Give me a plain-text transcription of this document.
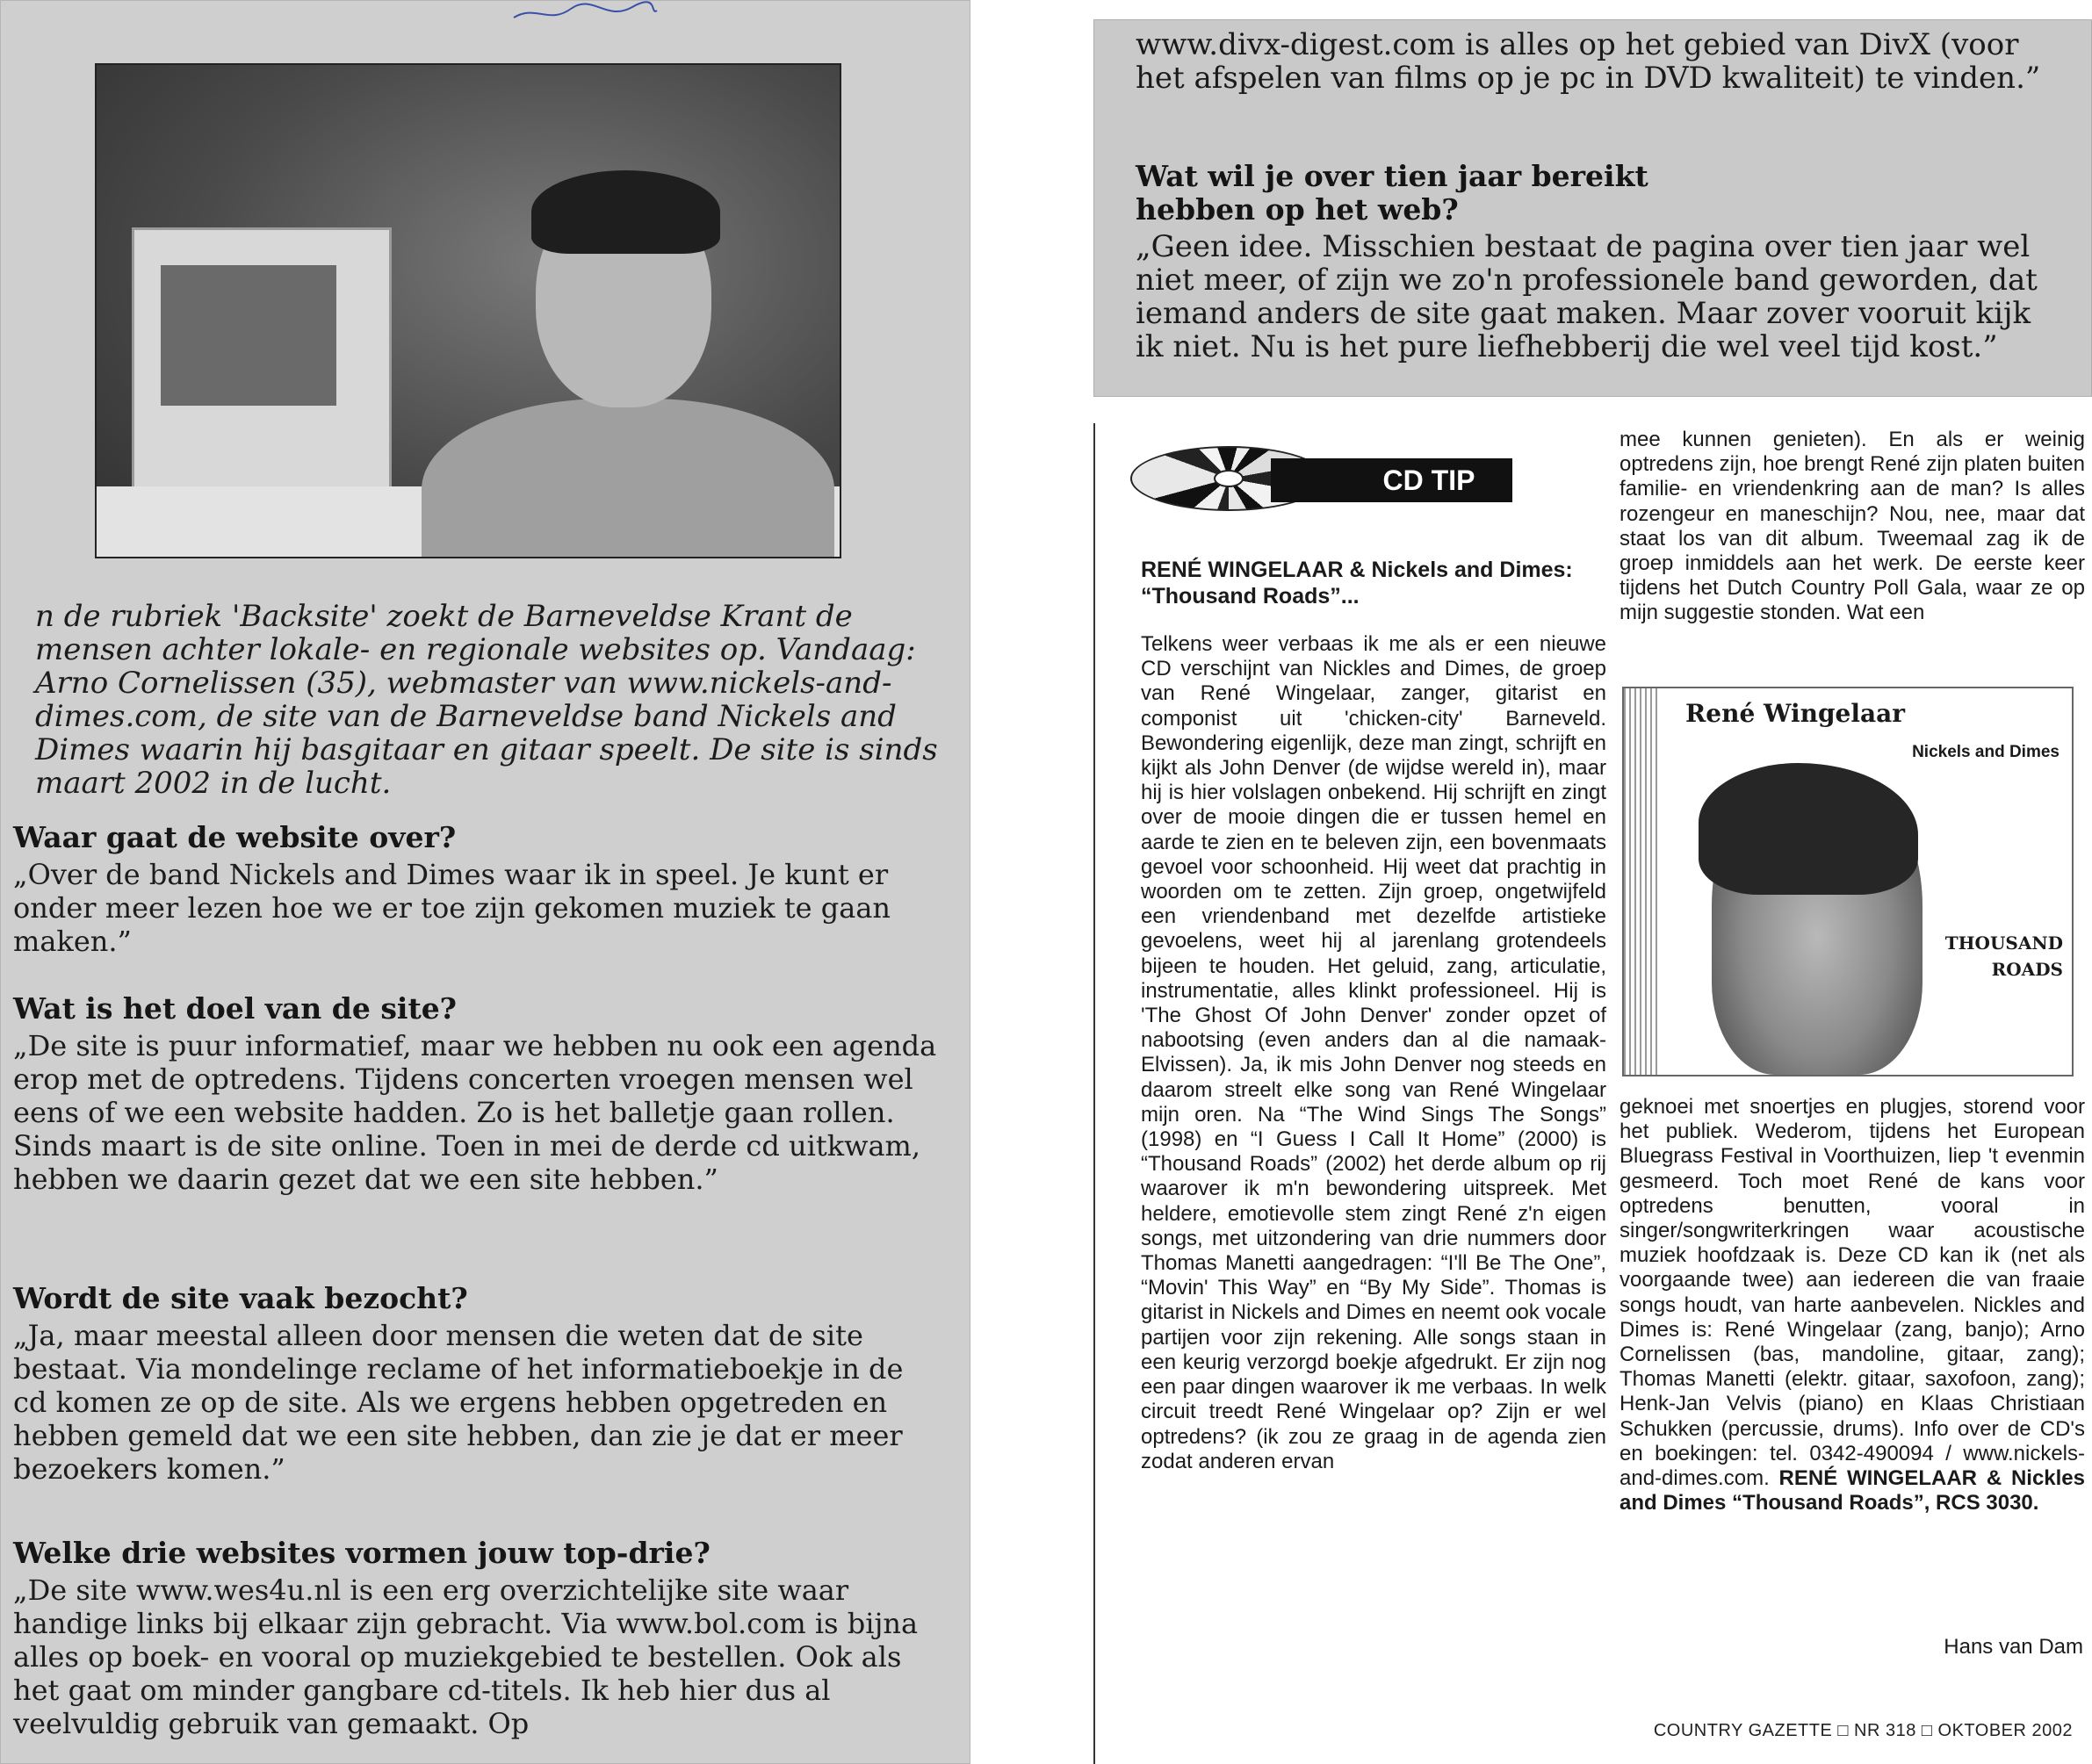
n de rubriek 'Backsite' zoekt de Barneveldse Krant de mensen achter lokale- en regionale websites op. Vandaag: Arno Cornelissen (35), webmaster van www.nickels-and-dimes.com, de site van de Barneveldse band Nickels and Dimes waarin hij basgitaar en gitaar speelt. De site is sinds maart 2002 in de lucht.

Waar gaat de website over?

„Over de band Nickels and Dimes waar ik in speel. Je kunt er onder meer lezen hoe we er toe zijn gekomen muziek te gaan maken.”

Wat is het doel van de site?

„De site is puur informatief, maar we hebben nu ook een agenda erop met de optredens. Tijdens concerten vroegen mensen wel eens of we een website hadden. Zo is het balletje gaan rollen. Sinds maart is de site online. Toen in mei de derde cd uitkwam, hebben we daarin gezet dat we een site hebben.”

Wordt de site vaak bezocht?

„Ja, maar meestal alleen door mensen die weten dat de site bestaat. Via mondelinge reclame of het informatieboekje in de cd komen ze op de site. Als we ergens hebben opgetreden en hebben gemeld dat we een site hebben, dan zie je dat er meer bezoekers komen.”

Welke drie websites vormen jouw top-drie?

„De site www.wes4u.nl is een erg overzichtelijke site waar handige links bij elkaar zijn gebracht. Via www.bol.com is bijna alles op boek- en vooral op muziekgebied te bestellen. Ook als het gaat om minder gangbare cd-titels. Ik heb hier dus al veelvuldig gebruik van gemaakt. Op

www.divx-digest.com is alles op het gebied van DivX (voor het afspelen van films op je pc in DVD kwaliteit) te vinden.”

Wat wil je over tien jaar bereikt hebben op het web?

„Geen idee. Misschien bestaat de pagina over tien jaar wel niet meer, of zijn we zo'n professionele band geworden, dat iemand anders de site gaat maken. Maar zover vooruit kijk ik niet. Nu is het pure liefhebberij die wel veel tijd kost.”

CD TIP

RENÉ WINGELAAR & Nickels and Dimes: “Thousand Roads”...

Telkens weer verbaas ik me als er een nieuwe CD verschijnt van Nickles and Dimes, de groep van René Wingelaar, zanger, gitarist en componist uit 'chicken-city' Barneveld. Bewondering eigenlijk, deze man zingt, schrijft en kijkt als John Denver (de wijdse wereld in), maar hij is hier volslagen onbekend. Hij schrijft en zingt over de mooie dingen die er tussen hemel en aarde te zien en te beleven zijn, een bovenmaats gevoel voor schoonheid. Hij weet dat prachtig in woorden om te zetten. Zijn groep, ongetwijfeld een vriendenband met dezelfde artistieke gevoelens, weet hij al jarenlang grotendeels bijeen te houden. Het geluid, zang, articulatie, instrumentatie, alles klinkt professioneel. Hij is 'The Ghost Of John Denver' zonder opzet of nabootsing (even anders dan al die namaak-Elvissen). Ja, ik mis John Denver nog steeds en daarom streelt elke song van René Wingelaar mijn oren. Na “The Wind Sings The Songs” (1998) en “I Guess I Call It Home” (2000) is “Thousand Roads” (2002) het derde album op rij waarover ik m'n bewondering uitspreek. Met heldere, emotievolle stem zingt René z'n eigen songs, met uitzondering van drie nummers door Thomas Manetti aangedragen: “I'll Be The One”, “Movin' This Way” en “By My Side”. Thomas is gitarist in Nickels and Dimes en neemt ook vocale partijen voor zijn rekening. Alle songs staan in een keurig verzorgd boekje afgedrukt. Er zijn nog een paar dingen waarover ik me verbaas. In welk circuit treedt René Wingelaar op? Zijn er wel optredens? (ik zou ze graag in de agenda zien zodat anderen ervan

mee kunnen genieten). En als er weinig optredens zijn, hoe brengt René zijn platen buiten familie- en vriendenkring aan de man? Is alles rozengeur en maneschijn? Nou, nee, maar dat staat los van dit album. Tweemaal zag ik de groep inmiddels aan het werk. De eerste keer tijdens het Dutch Country Poll Gala, waar ze op mijn suggestie stonden. Wat een

René Wingelaar
Nickels and Dimes
THOUSAND ROADS
geknoei met snoertjes en plugjes, storend voor het publiek. Wederom, tijdens het European Bluegrass Festival in Voorthuizen, liep 't evenmin gesmeerd. Toch moet René de kans voor optredens benutten, vooral in singer/songwriterkringen waar acoustische muziek hoofdzaak is. Deze CD kan ik (net als voorgaande twee) aan iedereen die van fraaie songs houdt, van harte aanbevelen. Nickles and Dimes is: René Wingelaar (zang, banjo); Arno Cornelissen (bas, mandoline, gitaar, zang); Thomas Manetti (elektr. gitaar, saxofoon, zang); Henk-Jan Velvis (piano) en Klaas Christiaan Schukken (percussie, drums). Info over de CD's en boekingen: tel. 0342-490094 / www.nickels-and-dimes.com. RENÉ WINGELAAR & Nickles and Dimes “Thousand Roads”, RCS 3030.
Hans van Dam
COUNTRY GAZETTE □ NR 318 □ OKTOBER 2002
